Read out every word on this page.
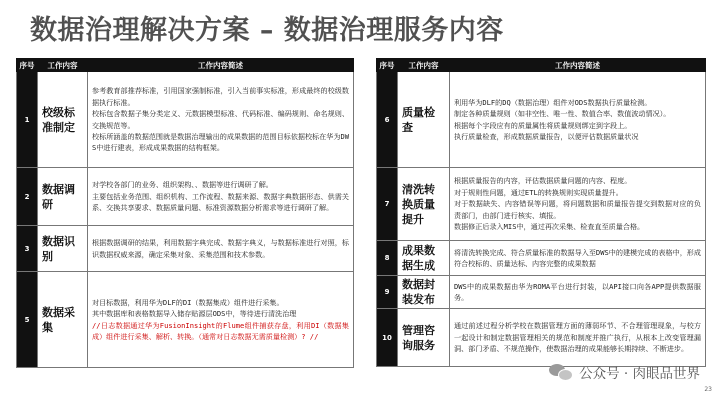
数据治理解决方案 – 数据治理服务内容
序号	工作内容	工作内容简述
1	校级标准制定	参考教育部推荐标准，引用国家强制标准，引入当前事实标准，形成最终的校级数据执行标准。
校标包含数据子集分类定义、元数据模型标准、代码标准、编码规则、命名规则、交换规范等。
校标所涵盖的数据范围就是数据治理输出的成果数据的范围目标依据校标在华为DWS中进行建表，形成成果数据的结构框架。

2	数据调研	对学校各部门的业务、组织架构、、数据等进行调研了解。
主要包括业务范围、组织机构、工作流程、数据来源、数据字典数据形态、供需关系、交换共享要求、数据质量问题、标准资源数据分析需求等进行调研了解。

3	数据识别	根据数据调研的结果，利用数据字典完成、数据字典义，与数据标准进行对照，标识数据权威来源，确定采集对象、采集范围和技术参数。

5	数据采集	对目标数据，利用华为DLF的DI（数据集成）组件进行采集。
其中数据库和表格数据导入储存贴源层ODS中，等待进行清洗治理
//日志数据通过华为FusionInsight的Flume组件捕获存盘，利用DI（数据集成）组件进行采集、解析、转换。（通常对日志数据无需质量检测）? //
序号	工作内容	工作内容简述
6	质量检查	利用华为DLF的DQ（数据治理）组件对ODS数据执行质量检测。
制定各种质量规则（如非空性、唯一性、数值合率、数值波动情况）。
根据每个字段应有的质量属性将质量规则绑定到字段上。
执行质量检查，形成数据质量报告，以便评估数据质量状况

7	清洗转换质量提升	根据质量报告的内容，评估数据质量问题的内容、程度。
对于规则性问题，通过ETL的转换规则实现质量提升。
对于数据缺失、内容错误等问题，将问题数据和质量报告提交到数据对应的负责部门，由部门进行核实、填报。
数据修正后录入MIS中，通过再次采集、检查直至质量合格。

8	成果数据生成	将清洗转换完成、符合质量标准的数据导入至DWS中的建模完成的表格中，形成符合校标的、质量达标、内容完整的成果数据

9	数据封装发布	DWS中的成果数据由华为ROMA平台进行封装，以API接口向各APP提供数据服务。

10	管理咨询服务	通过前述过程分析学校在数据管理方面的薄弱环节、不合理管理现象，与校方一起设计和制定数据管理相关的规范和制度并推广执行，从根本上改变管理漏洞、部门矛盾、不规范操作，使数据治理的成果能够长期持续、不断进步。
公众号 · 肉眼品世界
23
